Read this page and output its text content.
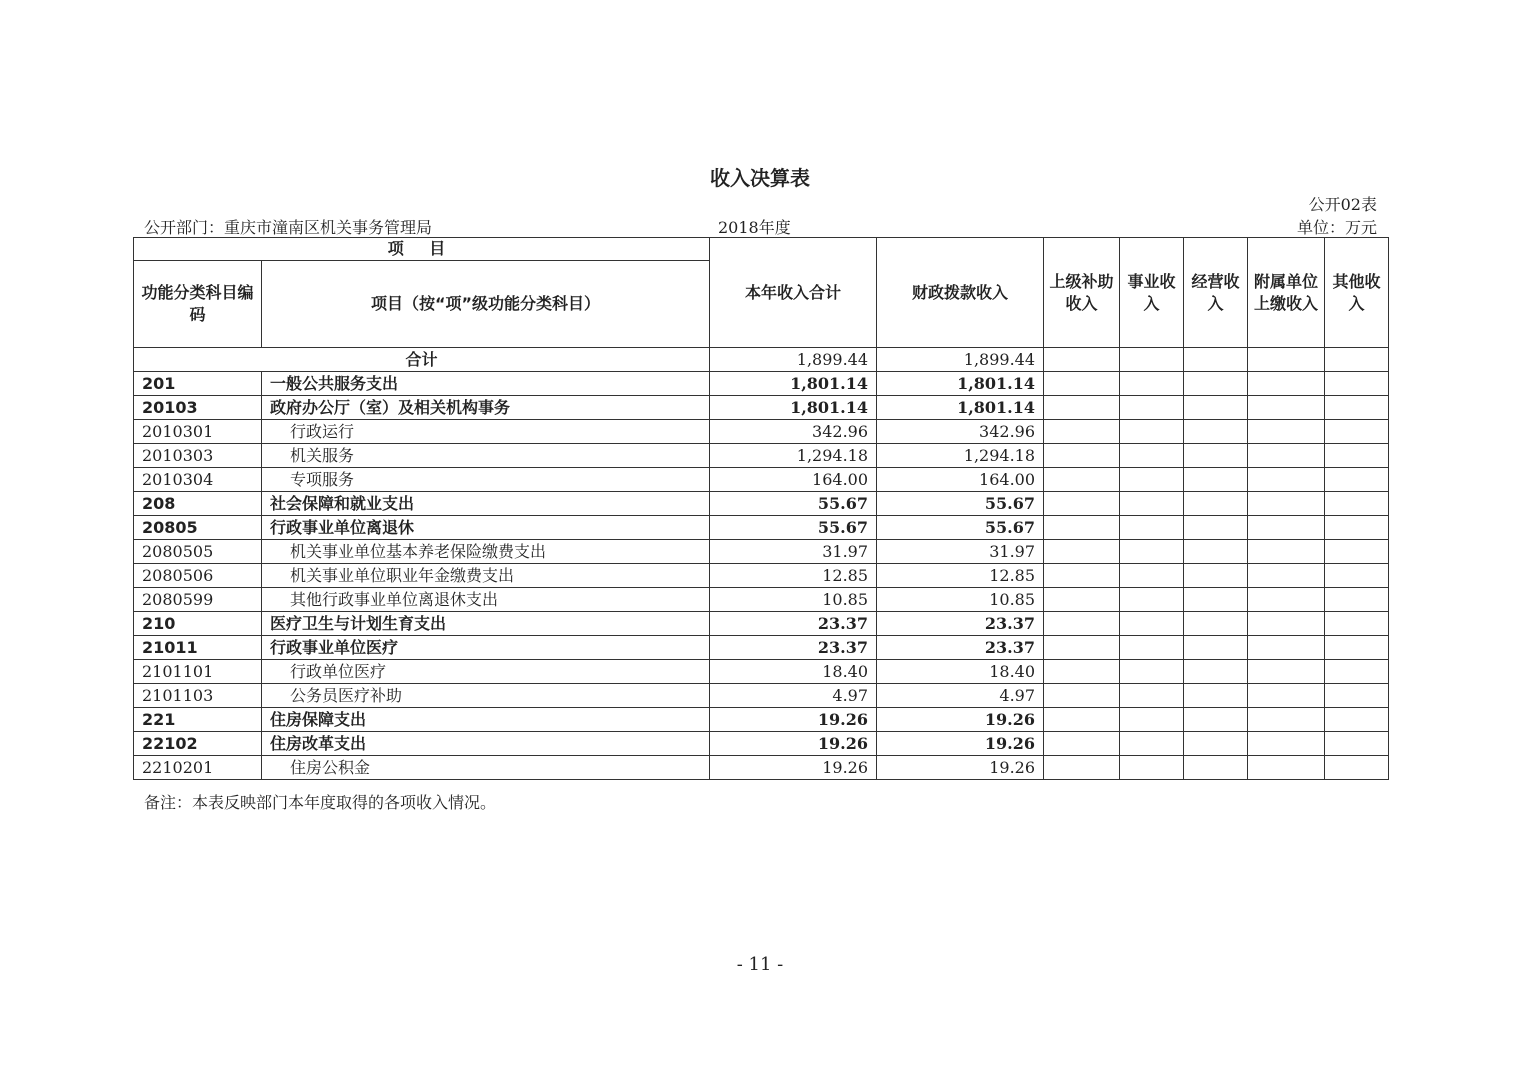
收入决算表
公开02表
公开部门：重庆市潼南区机关事务管理局	2018年度	单位：万元
项 目		本年收入合计	财政拨款收入	上级补助收入	事业收入	经营收入	附属单位上缴收入	其他收入
功能分类科目编码	项目（按“项”级功能分类科目）							
合计		1,899.44	1,899.44					
201	一般公共服务支出	1,801.14	1,801.14					
20103	政府办公厅（室）及相关机构事务	1,801.14	1,801.14					
2010301	行政运行	342.96	342.96					
2010303	机关服务	1,294.18	1,294.18					
2010304	专项服务	164.00	164.00					
208	社会保障和就业支出	55.67	55.67					
20805	行政事业单位离退休	55.67	55.67					
2080505	机关事业单位基本养老保险缴费支出	31.97	31.97					
2080506	机关事业单位职业年金缴费支出	12.85	12.85					
2080599	其他行政事业单位离退休支出	10.85	10.85					
210	医疗卫生与计划生育支出	23.37	23.37					
21011	行政事业单位医疗	23.37	23.37					
2101101	行政单位医疗	18.40	18.40					
2101103	公务员医疗补助	4.97	4.97					
221	住房保障支出	19.26	19.26					
22102	住房改革支出	19.26	19.26					
2210201	住房公积金	19.26	19.26					
备注：本表反映部门本年度取得的各项收入情况。
- 11 -
